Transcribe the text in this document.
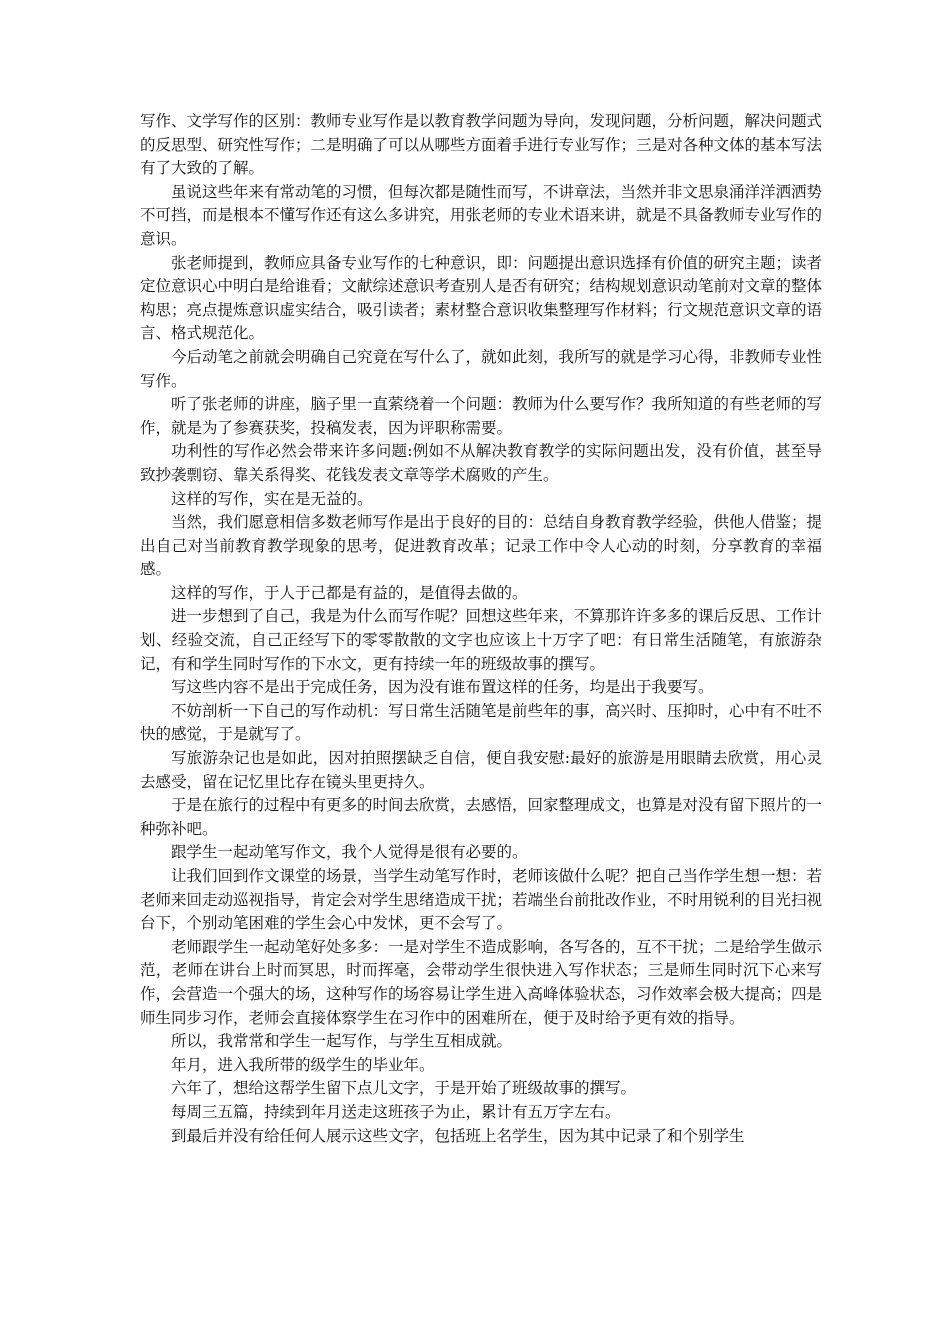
写作、文学写作的区别：教师专业写作是以教育教学问题为导向，发现问题，分析问题，解决问题式的反思型、研究性写作；二是明确了可以从哪些方面着手进行专业写作；三是对各种文体的基本写法有了大致的了解。

虽说这些年来有常动笔的习惯，但每次都是随性而写，不讲章法，当然并非文思泉涌洋洋洒洒势不可挡，而是根本不懂写作还有这么多讲究，用张老师的专业术语来讲，就是不具备教师专业写作的意识。

张老师提到，教师应具备专业写作的七种意识，即：问题提出意识选择有价值的研究主题；读者定位意识心中明白是给谁看；文献综述意识考查别人是否有研究；结构规划意识动笔前对文章的整体构思；亮点提炼意识虚实结合，吸引读者；素材整合意识收集整理写作材料；行文规范意识文章的语言、格式规范化。

今后动笔之前就会明确自己究竟在写什么了，就如此刻，我所写的就是学习心得，非教师专业性写作。

听了张老师的讲座，脑子里一直萦绕着一个问题：教师为什么要写作？我所知道的有些老师的写作，就是为了参赛获奖，投稿发表，因为评职称需要。

功利性的写作必然会带来许多问题:例如不从解决教育教学的实际问题出发，没有价值，甚至导致抄袭剽窃、靠关系得奖、花钱发表文章等学术腐败的产生。

这样的写作，实在是无益的。

当然，我们愿意相信多数老师写作是出于良好的目的：总结自身教育教学经验，供他人借鉴；提出自己对当前教育教学现象的思考，促进教育改革；记录工作中令人心动的时刻，分享教育的幸福感。

这样的写作，于人于己都是有益的，是值得去做的。

进一步想到了自己，我是为什么而写作呢？回想这些年来，不算那许许多多的课后反思、工作计划、经验交流，自己正经写下的零零散散的文字也应该上十万字了吧：有日常生活随笔，有旅游杂记，有和学生同时写作的下水文，更有持续一年的班级故事的撰写。

写这些内容不是出于完成任务，因为没有谁布置这样的任务，均是出于我要写。

不妨剖析一下自己的写作动机：写日常生活随笔是前些年的事，高兴时、压抑时，心中有不吐不快的感觉，于是就写了。

写旅游杂记也是如此，因对拍照摆缺乏自信，便自我安慰:最好的旅游是用眼睛去欣赏，用心灵去感受，留在记忆里比存在镜头里更持久。

于是在旅行的过程中有更多的时间去欣赏，去感悟，回家整理成文，也算是对没有留下照片的一种弥补吧。

跟学生一起动笔写作文，我个人觉得是很有必要的。

让我们回到作文课堂的场景，当学生动笔写作时，老师该做什么呢？把自己当作学生想一想：若老师来回走动巡视指导，肯定会对学生思绪造成干扰；若端坐台前批改作业，不时用锐利的目光扫视台下，个别动笔困难的学生会心中发怵，更不会写了。

老师跟学生一起动笔好处多多：一是对学生不造成影响，各写各的，互不干扰；二是给学生做示范，老师在讲台上时而冥思，时而挥毫，会带动学生很快进入写作状态；三是师生同时沉下心来写作，会营造一个强大的场，这种写作的场容易让学生进入高峰体验状态，习作效率会极大提高；四是师生同步习作，老师会直接体察学生在习作中的困难所在，便于及时给予更有效的指导。

所以，我常常和学生一起写作，与学生互相成就。

年月，进入我所带的级学生的毕业年。

六年了，想给这帮学生留下点儿文字，于是开始了班级故事的撰写。

每周三五篇，持续到年月送走这班孩子为止，累计有五万字左右。

到最后并没有给任何人展示这些文字，包括班上名学生，因为其中记录了和个别学生
